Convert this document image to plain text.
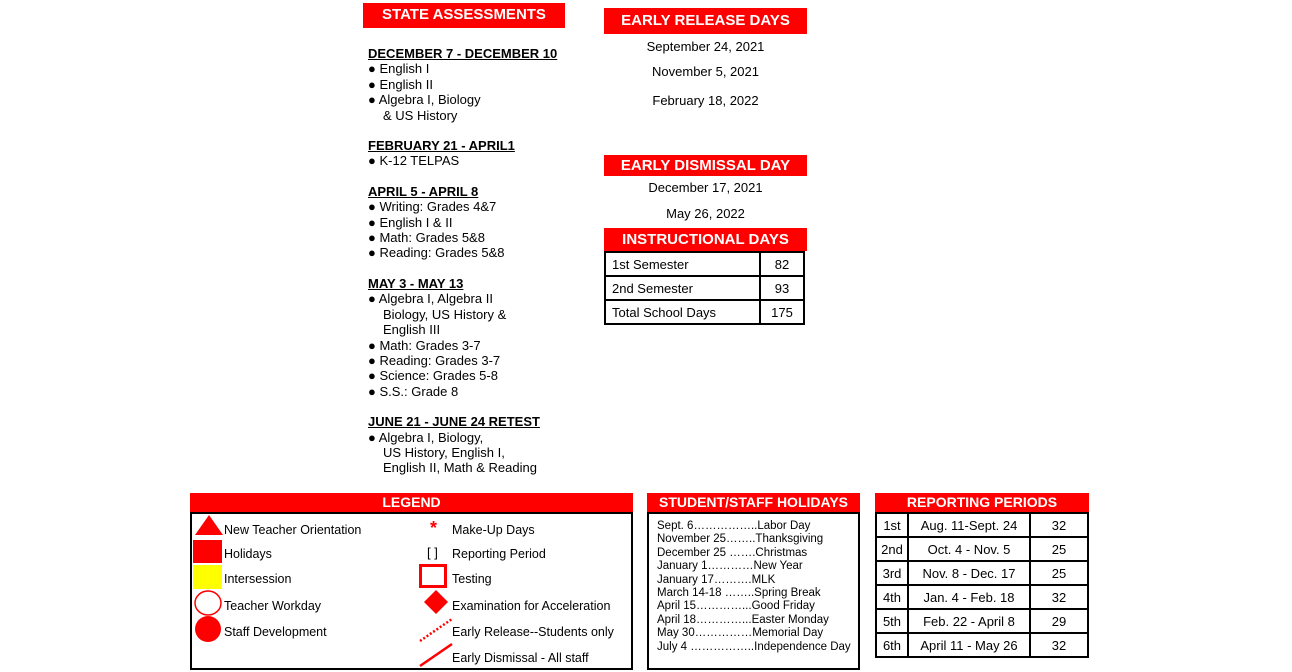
STATE ASSESSMENTS
DECEMBER 7 - DECEMBER 10
● English I
● English II
● Algebra I, Biology
& US History
FEBRUARY 21 - APRIL1
● K-12 TELPAS
APRIL 5 - APRIL 8
● Writing: Grades 4&7
● English I & II
● Math: Grades 5&8
● Reading: Grades 5&8
MAY 3 - MAY 13
● Algebra I, Algebra II
Biology, US History &
English III
● Math: Grades 3-7
● Reading: Grades 3-7
● Science: Grades 5-8
● S.S.: Grade 8
JUNE 21 - JUNE 24 RETEST
● Algebra I, Biology,
US History, English I,
English II, Math & Reading
EARLY RELEASE DAYS
September 24, 2021
November 5, 2021
February 18, 2022
EARLY DISMISSAL DAY
December 17, 2021
May 26, 2022
INSTRUCTIONAL DAYS
1st Semester	82
2nd Semester	93
Total School Days	175
LEGEND
New Teacher Orientation
Holidays
Intersession
Teacher Workday
Staff Development
* Make-Up Days
[ ] Reporting Period
Testing
Examination for Acceleration
Early Release--Students only
Early Dismissal - All staff
STUDENT/STAFF HOLIDAYS
Sept. 6……………..Labor Day
November 25……..Thanksgiving
December 25 …….Christmas
January 1…………New Year
January 17……….MLK
March 14-18 ……..Spring Break
April 15…………...Good Friday
April 18…………...Easter Monday
May 30……………Memorial Day
July 4 ……………..Independence Day
REPORTING PERIODS
1st	Aug. 11-Sept. 24	32
2nd	Oct. 4 - Nov. 5	25
3rd	Nov. 8 - Dec. 17	25
4th	Jan. 4 - Feb. 18	32
5th	Feb. 22 - April 8	29
6th	April 11 - May 26	32
